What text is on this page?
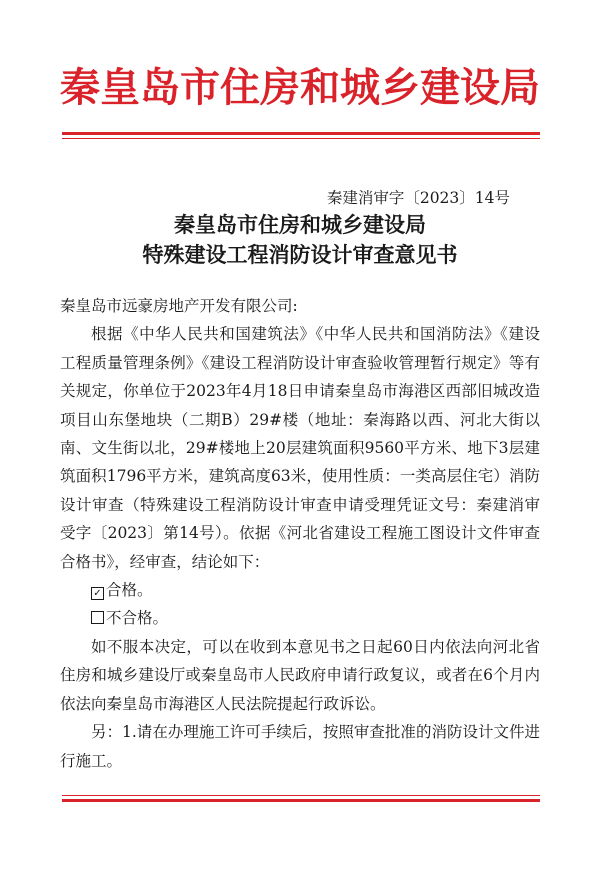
秦皇岛市住房和城乡建设局
秦建消审字〔2023〕14号
秦皇岛市住房和城乡建设局
特殊建设工程消防设计审查意见书

秦皇岛市远豪房地产开发有限公司:

根据《中华人民共和国建筑法》《中华人民共和国消防法》《建设工程质量管理条例》《建设工程消防设计审查验收管理暂行规定》等有关规定，你单位于2023年4月18日申请秦皇岛市海港区西部旧城改造项目山东堡地块（二期B）29#楼（地址：秦海路以西、河北大街以南、文生街以北，29#楼地上20层建筑面积9560平方米、地下3层建筑面积1796平方米，建筑高度63米，使用性质：一类高层住宅）消防设计审查（特殊建设工程消防设计审查申请受理凭证文号：秦建消审受字〔2023〕第14号）。依据《河北省建设工程施工图设计文件审查合格书》，经审查，结论如下：

✓ 合格。
不合格。

如不服本决定，可以在收到本意见书之日起60日内依法向河北省住房和城乡建设厅或秦皇岛市人民政府申请行政复议，或者在6个月内依法向秦皇岛市海港区人民法院提起行政诉讼。

另：1.请在办理施工许可手续后，按照审查批准的消防设计文件进行施工。
